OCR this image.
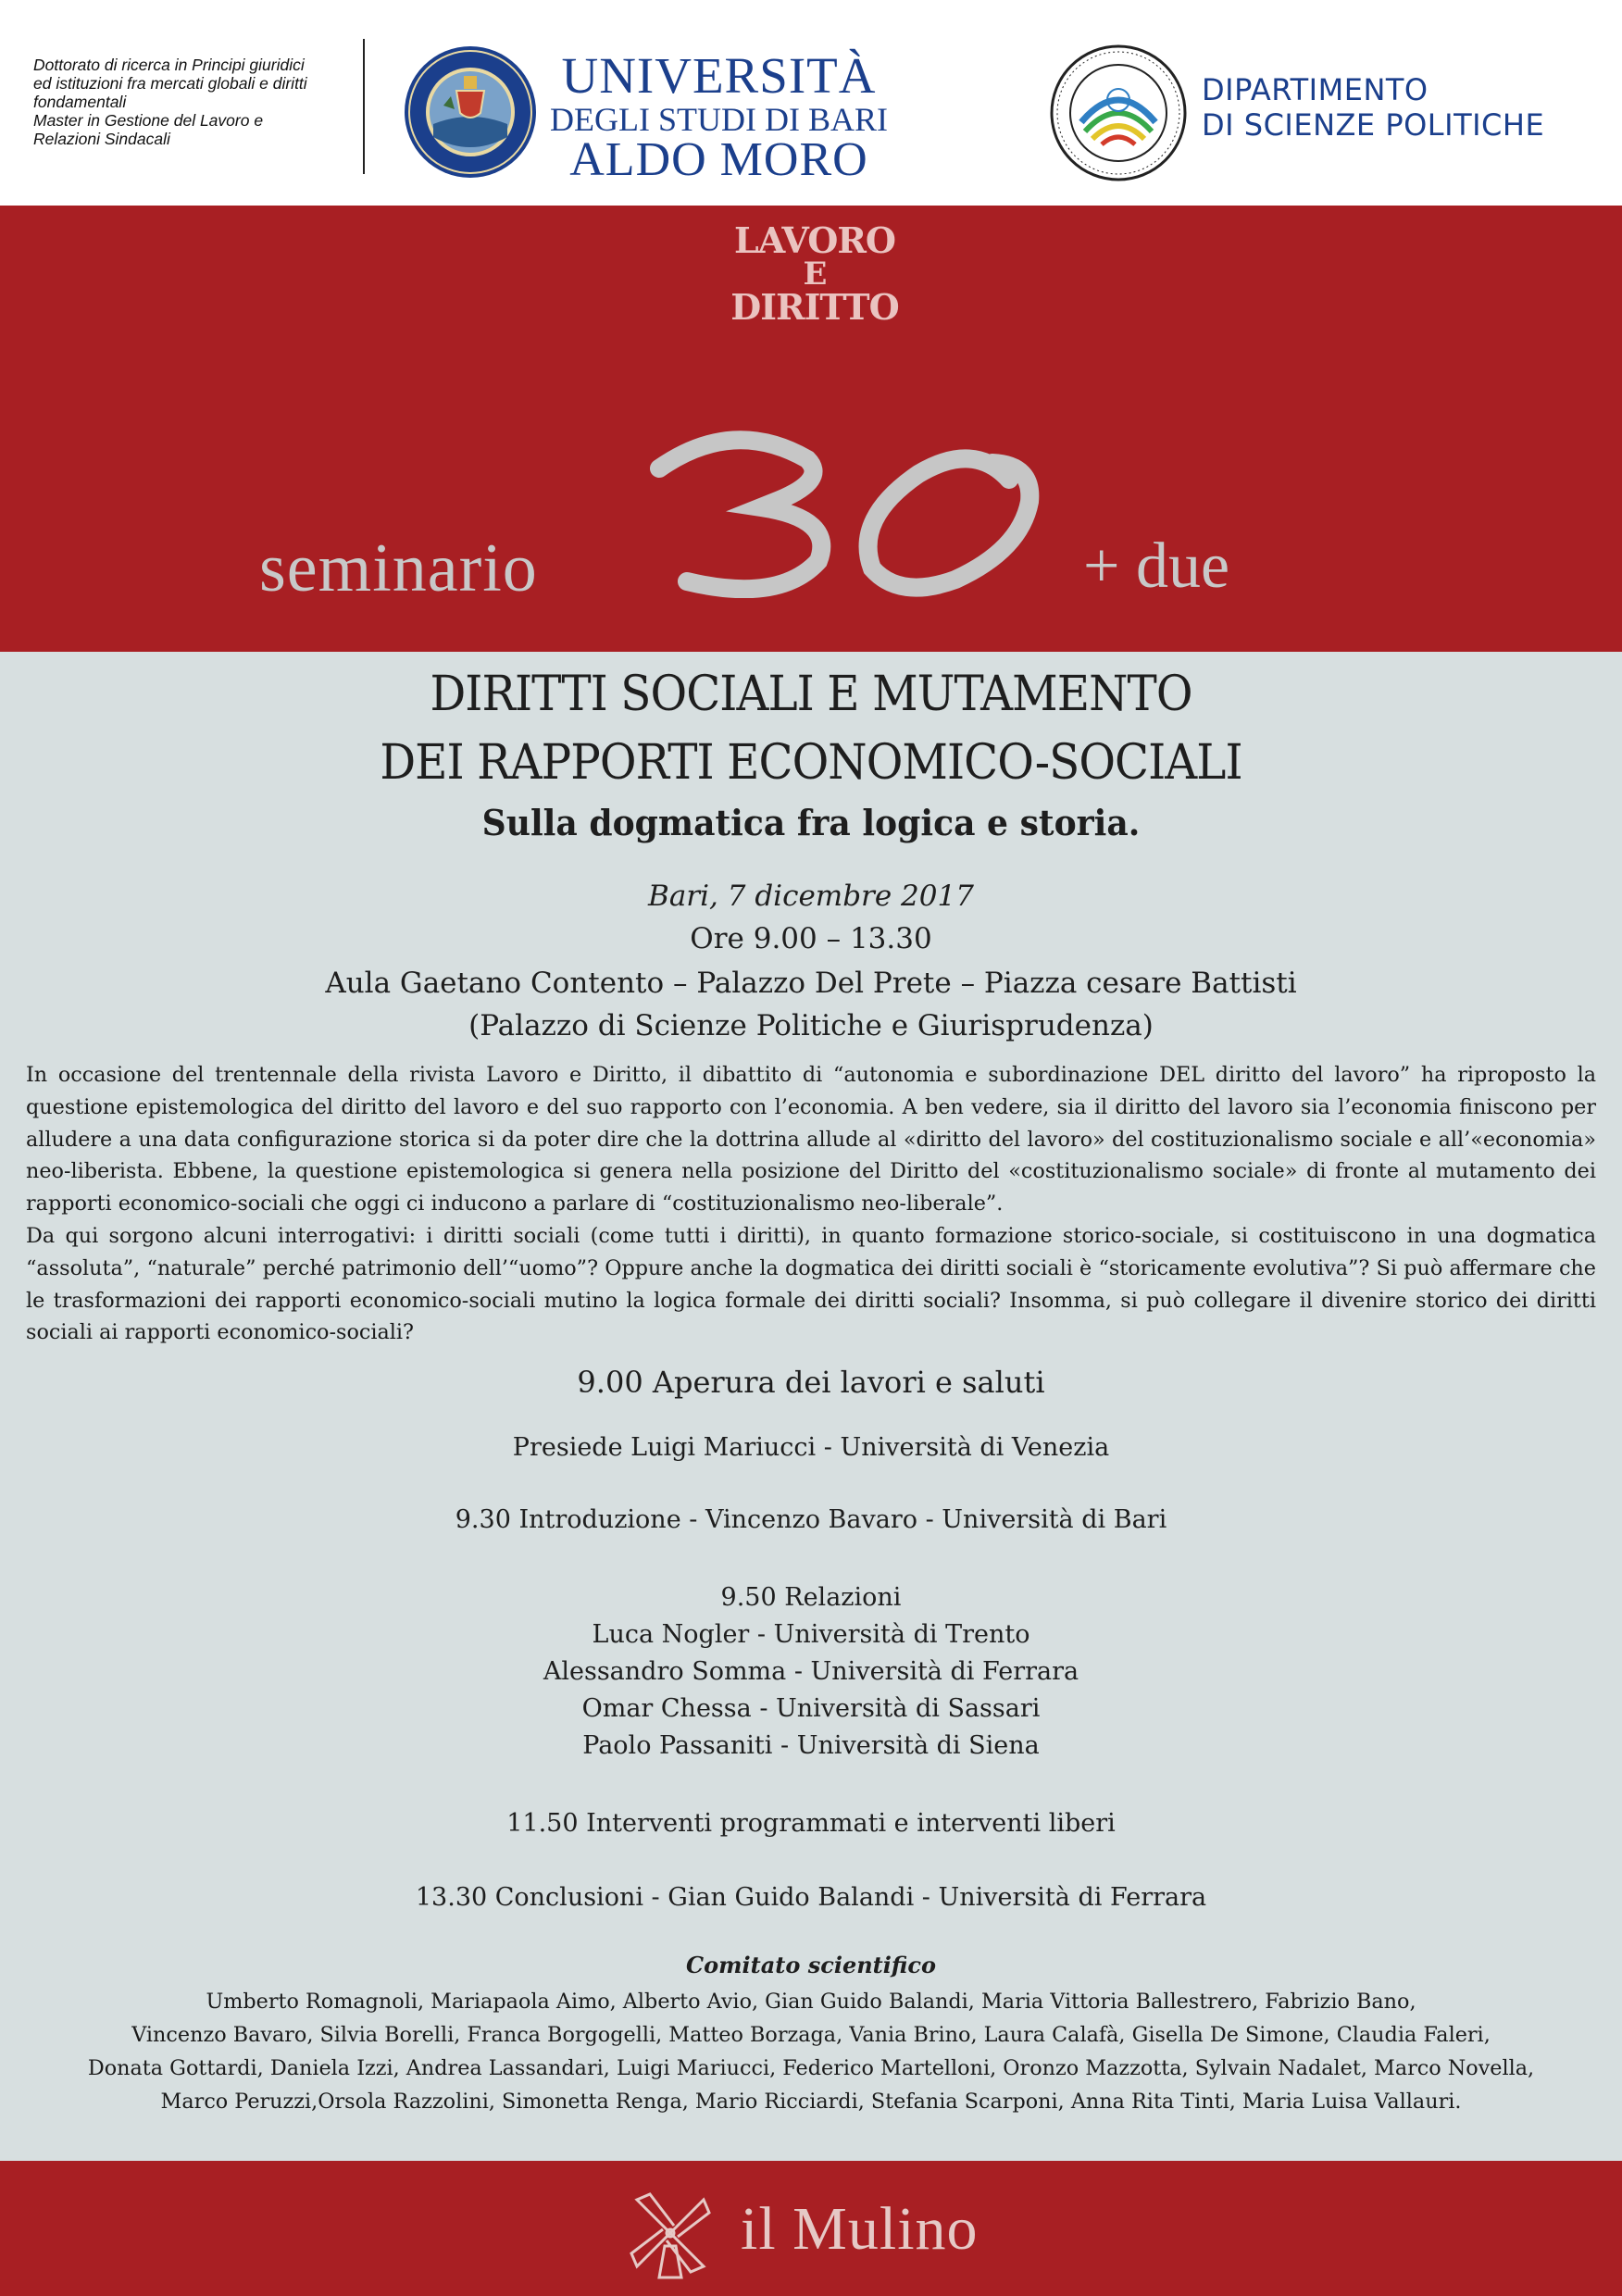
Dottorato di ricerca in Principi giuridici
ed istituzioni fra mercati globali e diritti
fondamentali
Master in Gestione del Lavoro e
Relazioni Sindacali
UNIVERSITÀ
DEGLI STUDI DI BARI
ALDO MORO
DIPARTIMENTO
DI SCIENZE POLITICHE
LAVORO
E
DIRITTO
seminario	+ due
DIRITTI SOCIALI E MUTAMENTO
DEI RAPPORTI ECONOMICO-SOCIALI
Sulla dogmatica fra logica e storia.
Bari, 7 dicembre 2017
Ore 9.00 – 13.30
Aula Gaetano Contento – Palazzo Del Prete – Piazza cesare Battisti
(Palazzo di Scienze Politiche e Giurisprudenza)

In occasione del trentennale della rivista Lavoro e Diritto, il dibattito di “autonomia e subordinazione DEL diritto del lavoro” ha riproposto la questione epistemologica del diritto del lavoro e del suo rapporto con l’economia. A ben vedere, sia il diritto del lavoro sia l’economia finiscono per alludere a una data configurazione storica si da poter dire che la dottrina allude al «diritto del lavoro» del costituzionalismo sociale e all’«economia» neo-liberista. Ebbene, la questione epistemologica si genera nella posizione del Diritto del «costituzionalismo sociale» di fronte al mutamento dei rapporti economico-sociali che oggi ci inducono a parlare di “costituzionalismo neo-liberale”.

Da qui sorgono alcuni interrogativi: i diritti sociali (come tutti i diritti), in quanto formazione storico-sociale, si costituiscono in una dogmatica “assoluta”, “naturale” perché patrimonio dell’“uomo”? Oppure anche la dogmatica dei diritti sociali è “storicamente evolutiva”? Si può affermare che le trasformazioni dei rapporti economico-sociali mutino la logica formale dei diritti sociali? Insomma, si può collegare il divenire storico dei diritti sociali ai rapporti economico-sociali?

9.00 Aperura dei lavori e saluti
Presiede Luigi Mariucci - Università di Venezia
9.30 Introduzione - Vincenzo Bavaro - Università di Bari
9.50 Relazioni
Luca Nogler - Università di Trento
Alessandro Somma - Università di Ferrara
Omar Chessa - Università di Sassari
Paolo Passaniti - Università di Siena
11.50 Interventi programmati e interventi liberi
13.30 Conclusioni - Gian Guido Balandi - Università di Ferrara
Comitato scientifico
Umberto Romagnoli, Mariapaola Aimo, Alberto Avio, Gian Guido Balandi, Maria Vittoria Ballestrero, Fabrizio Bano,
Vincenzo Bavaro, Silvia Borelli, Franca Borgogelli, Matteo Borzaga, Vania Brino, Laura Calafà, Gisella De Simone, Claudia Faleri,
Donata Gottardi, Daniela Izzi, Andrea Lassandari, Luigi Mariucci, Federico Martelloni, Oronzo Mazzotta, Sylvain Nadalet, Marco Novella,
Marco Peruzzi,Orsola Razzolini, Simonetta Renga, Mario Ricciardi, Stefania Scarponi, Anna Rita Tinti, Maria Luisa Vallauri.
il Mulino
